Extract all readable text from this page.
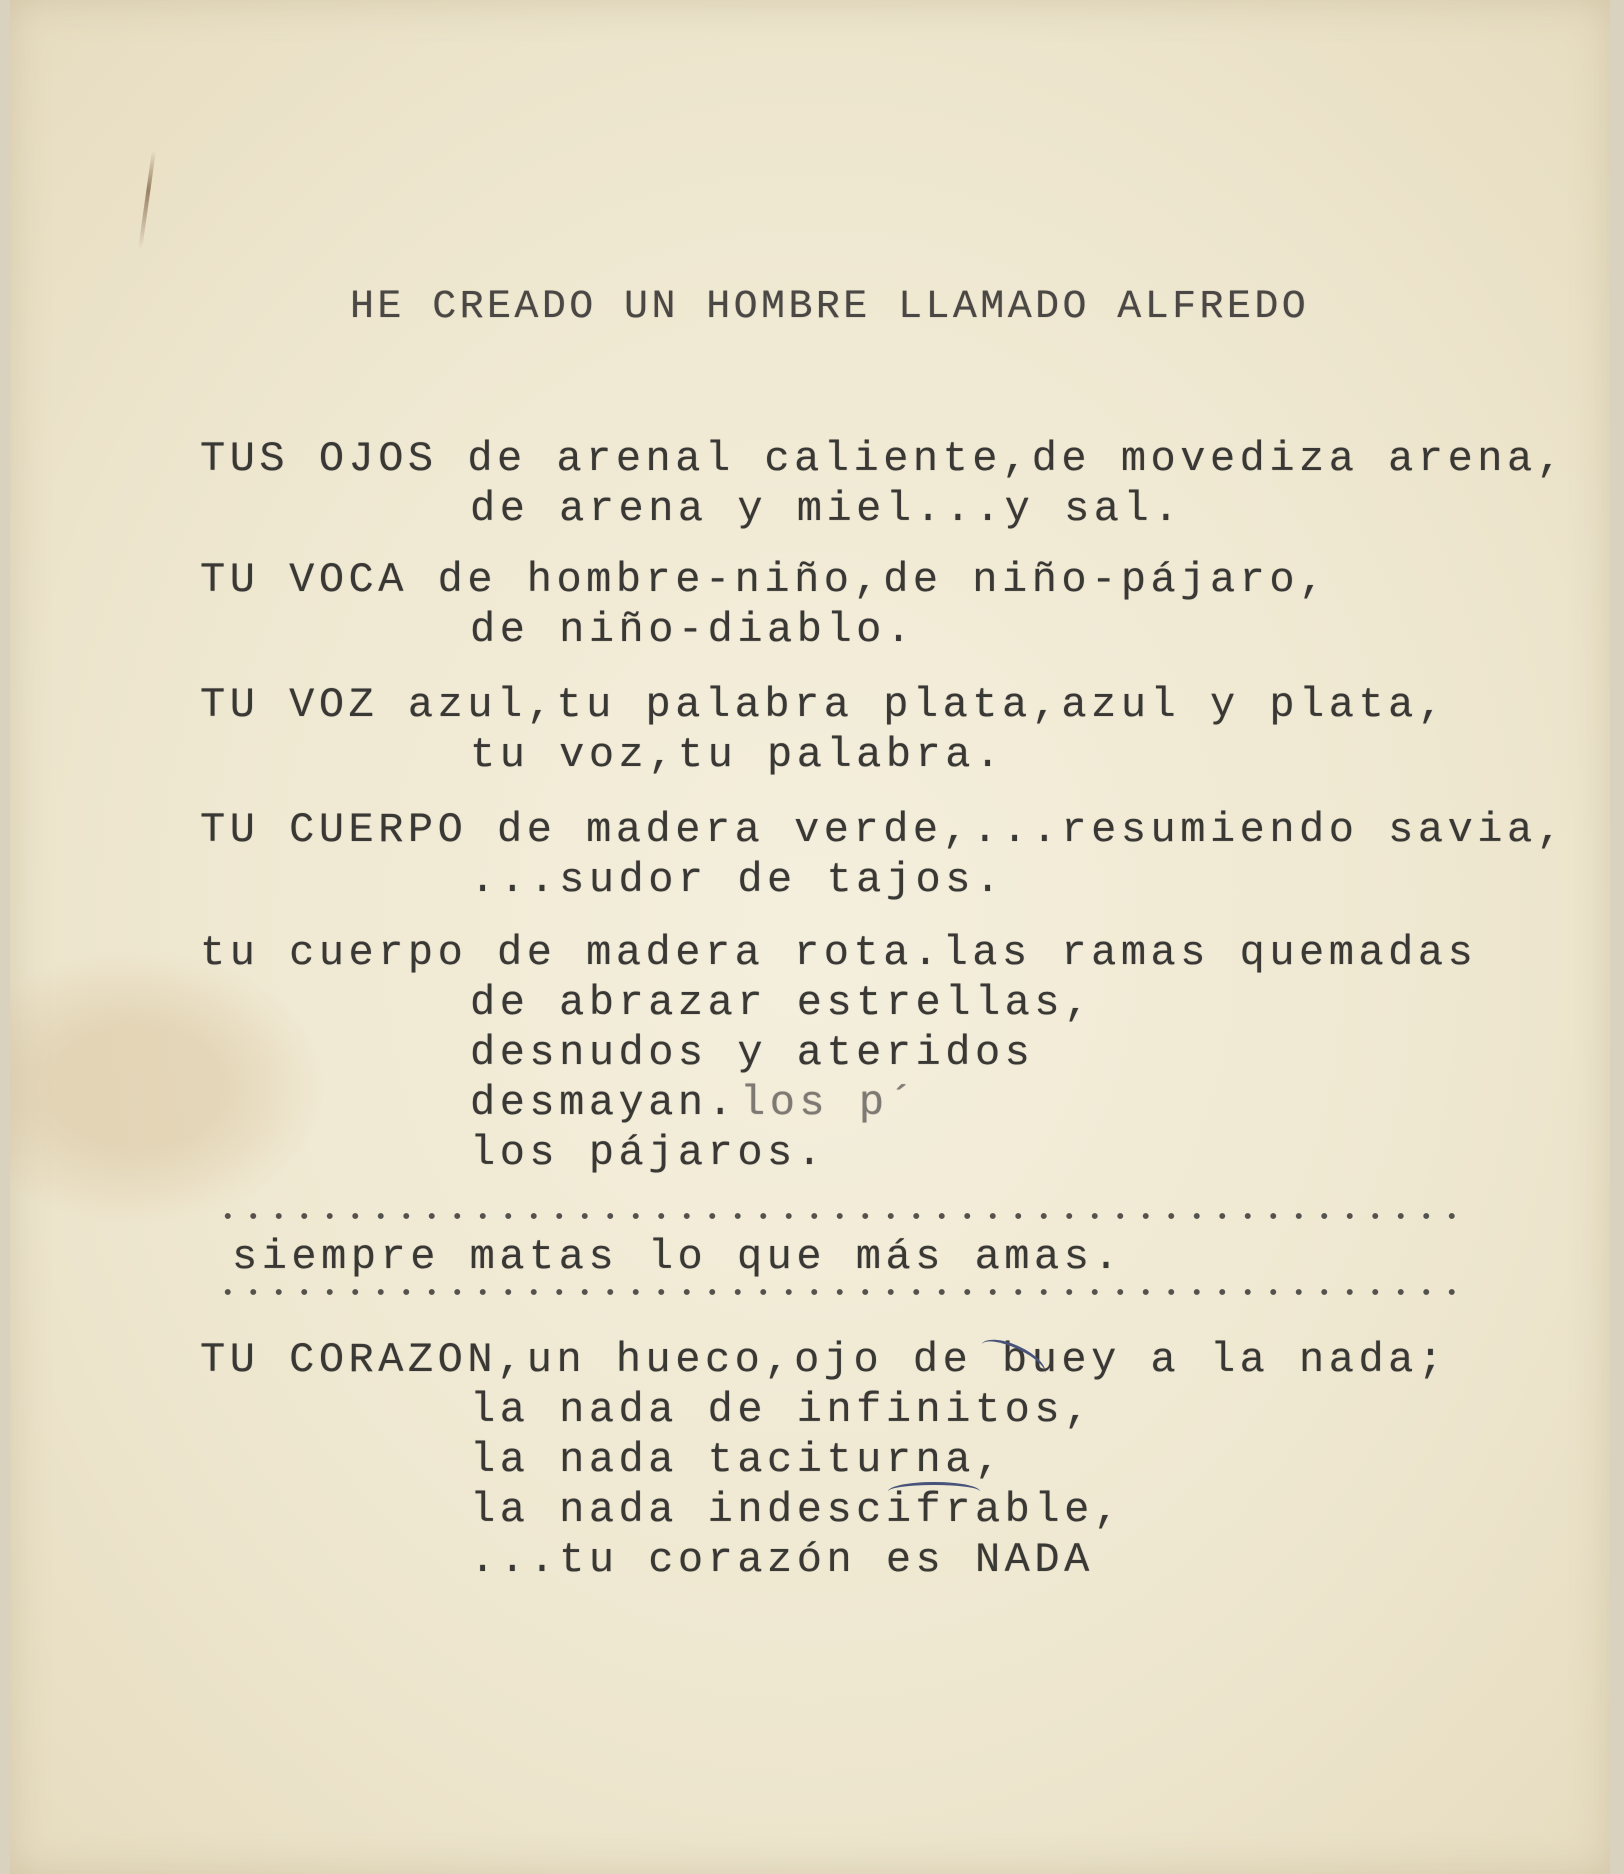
HE CREADO UN HOMBRE LLAMADO ALFREDO
TUS OJOS de arenal caliente,de movediza arena,
de arena y miel...y sal.
TU VOCA de hombre-niño,de niño-pájaro,
de niño-diablo.
TU VOZ azul,tu palabra plata,azul y plata,
tu voz,tu palabra.
TU CUERPO de madera verde,...resumiendo savia,
...sudor de tajos.
tu cuerpo de madera rota.las ramas quemadas
de abrazar estrellas,
desnudos y ateridos
desmayan. los p´
los pájaros.
siempre matas lo que más amas.
TU CORAZON,un hueco,ojo de buey a la nada;
la nada de infinitos,
la nada taciturna,
la nada indescifrable,
...tu corazón es NADA
